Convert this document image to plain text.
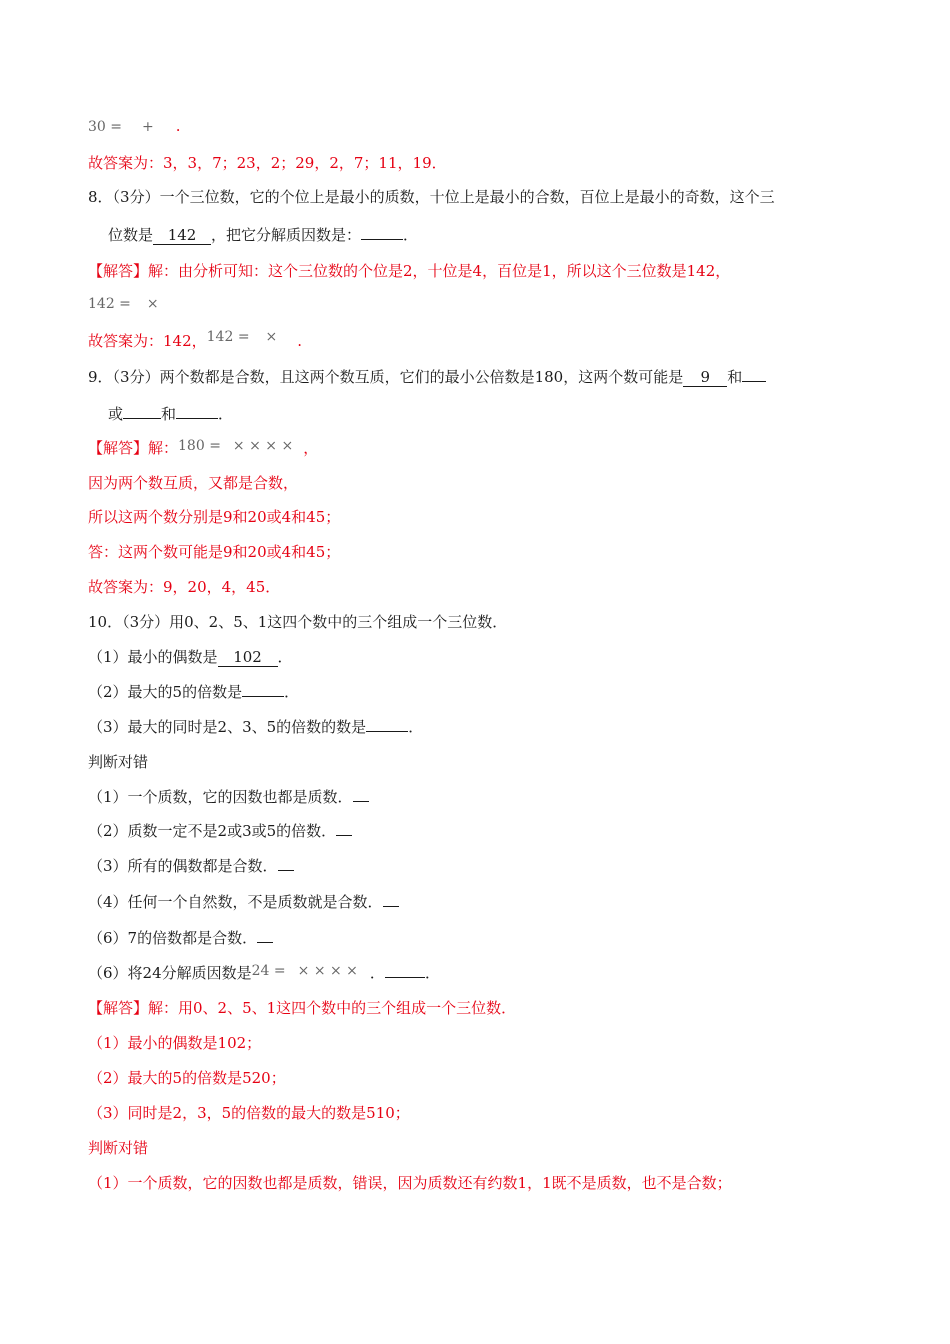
30 = + .
故答案为：3，3，7；23，2；29，2，7；11，19．
8．（3分）一个三位数，它的个位上是最小的质数，十位上是最小的合数，百位上是最小的奇数，这个三
位数是 142 ，把它分解质因数是：	．
【解答】解：由分析可知：这个三位数的个位是2，十位是4，百位是1，所以这个三位数是142，
142 = ×
故答案为：142，142 = × .
9．（3分）两个数都是合数，且这两个数互质，它们的最小公倍数是180，这两个数可能是 9 和
或	和	．
【解答】解：180 = × × × × ，
因为两个数互质，又都是合数，
所以这两个数分别是9和20或4和45；
答：这两个数可能是9和20或4和45；
故答案为：9，20，4，45．
10．（3分）用0、2、5、1这四个数中的三个组成一个三位数．
（1）最小的偶数是 102 ．
（2）最大的5的倍数是	．
（3）最大的同时是2、3、5的倍数的数是	．
判断对错
（1）一个质数，它的因数也都是质数．
（2）质数一定不是2或3或5的倍数．
（3）所有的偶数都是合数．
（4）任何一个自然数，不是质数就是合数．
（6）7的倍数都是合数．
（6）将24分解质因数是24 = × × × × ．	．
【解答】解：用0、2、5、1这四个数中的三个组成一个三位数．
（1）最小的偶数是102；
（2）最大的5的倍数是520；
（3）同时是2，3，5的倍数的最大的数是510；
判断对错
（1）一个质数，它的因数也都是质数，错误，因为质数还有约数1，1既不是质数，也不是合数；
